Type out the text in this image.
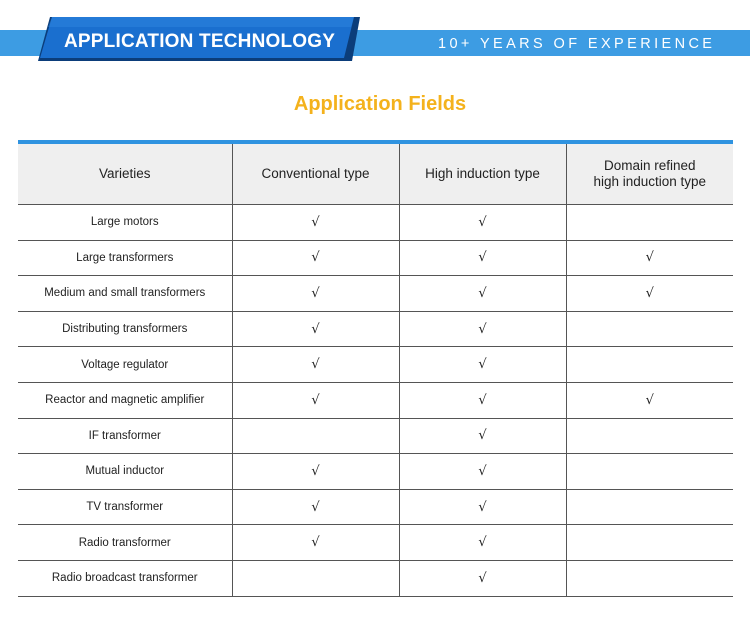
APPLICATION TECHNOLOGY	10+ YEARS OF EXPERIENCE
Application Fields
Varieties	Conventional type	High induction type	Domain refined
high induction type
Large motors	√	√	
Large transformers	√	√	√
Medium and small transformers	√	√	√
Distributing transformers	√	√	
Voltage regulator	√	√	
Reactor and magnetic amplifier	√	√	√
IF transformer		√	
Mutual inductor	√	√	
TV transformer	√	√	
Radio transformer	√	√	
Radio broadcast transformer		√	
